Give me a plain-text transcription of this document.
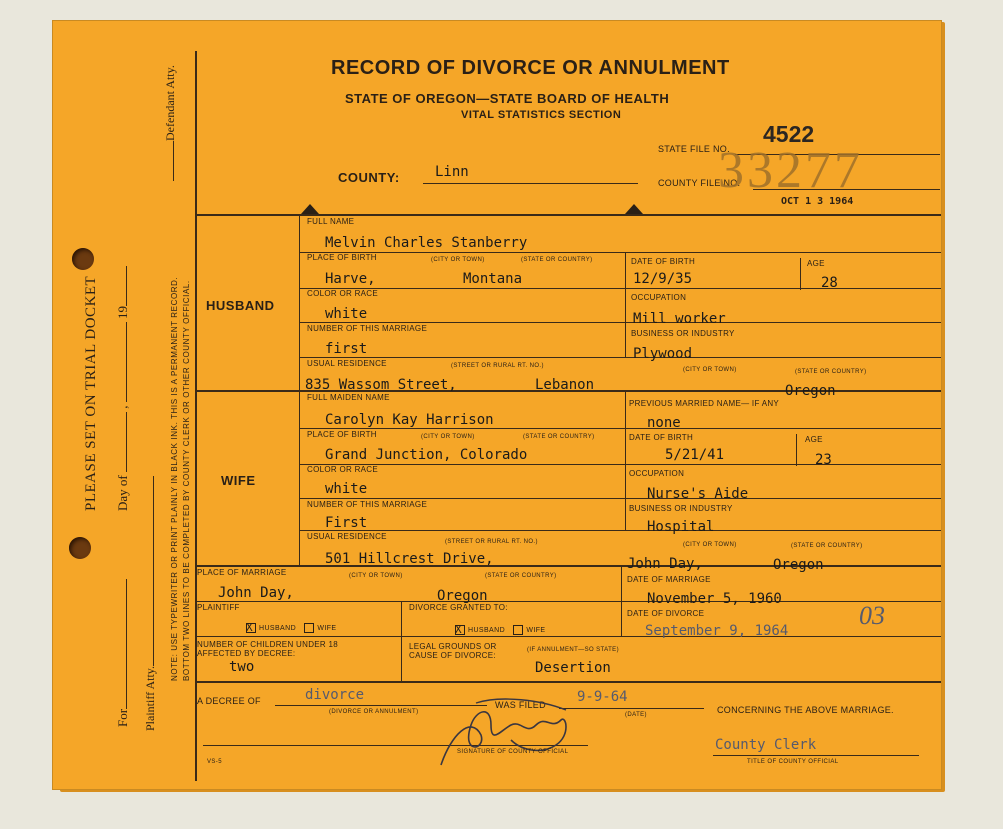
PLEASE SET ON TRIAL DOCKET Day of  ,  19
For Plaintiff Atty.
Defendant Atty.
NOTE: USE TYPEWRITER OR PRINT PLAINLY IN BLACK INK. THIS IS A PERMANENT RECORD. BOTTOM TWO LINES TO BE COMPLETED BY COUNTY CLERK OR OTHER COUNTY OFFICIAL.
RECORD OF DIVORCE OR ANNULMENT
STATE OF OREGON—STATE BOARD OF HEALTH
VITAL STATISTICS SECTION
STATE FILE NO.
4522
COUNTY:	Linn
COUNTY FILE NO.
33277
OCT 1 3 1964
HUSBAND
WIFE
FULL NAME
Melvin Charles Stanberry
PLACE OF BIRTH	(CITY OR TOWN)	(STATE OR COUNTRY)
Harve,	Montana
DATE OF BIRTH
12/9/35
AGE
28
COLOR OR RACE
white
OCCUPATION
Mill worker
NUMBER OF THIS MARRIAGE
first
BUSINESS OR INDUSTRY
Plywood
USUAL RESIDENCE	(STREET OR RURAL RT. NO.)
(CITY OR TOWN)	(STATE OR COUNTRY)
835 Wassom Street,	Lebanon	Oregon
FULL MAIDEN NAME
Carolyn Kay Harrison
PREVIOUS MARRIED NAME— IF ANY
none
PLACE OF BIRTH	(CITY OR TOWN)	(STATE OR COUNTRY)
Grand Junction, Colorado
DATE OF BIRTH
5/21/41
AGE
23
COLOR OR RACE
white
OCCUPATION
Nurse's Aide
NUMBER OF THIS MARRIAGE
First
BUSINESS OR INDUSTRY
Hospital
USUAL RESIDENCE
(STREET OR RURAL RT. NO.)	(CITY OR TOWN)	(STATE OR COUNTRY)
501 Hillcrest Drive,	John Day,	Oregon
PLACE OF MARRIAGE	(CITY OR TOWN)	(STATE OR COUNTRY)
John Day,	Oregon
DATE OF MARRIAGE
November 5, 1960
PLAINTIFF
X HUSBAND	WIFE
DIVORCE GRANTED TO:
X HUSBAND	WIFE
DATE OF DIVORCE
September 9, 1964
03
NUMBER OF CHILDREN UNDER 18
AFFECTED BY DECREE:
two
LEGAL GROUNDS OR
CAUSE OF DIVORCE:
(IF ANNULMENT—SO STATE)
Desertion
A DECREE OF	divorce
(DIVORCE OR ANNULMENT)
WAS FILED 9-9-64
(DATE)	CONCERNING THE ABOVE MARRIAGE.
SIGNATURE OF COUNTY OFFICIAL	County Clerk
TITLE OF COUNTY OFFICIAL
VS-5
